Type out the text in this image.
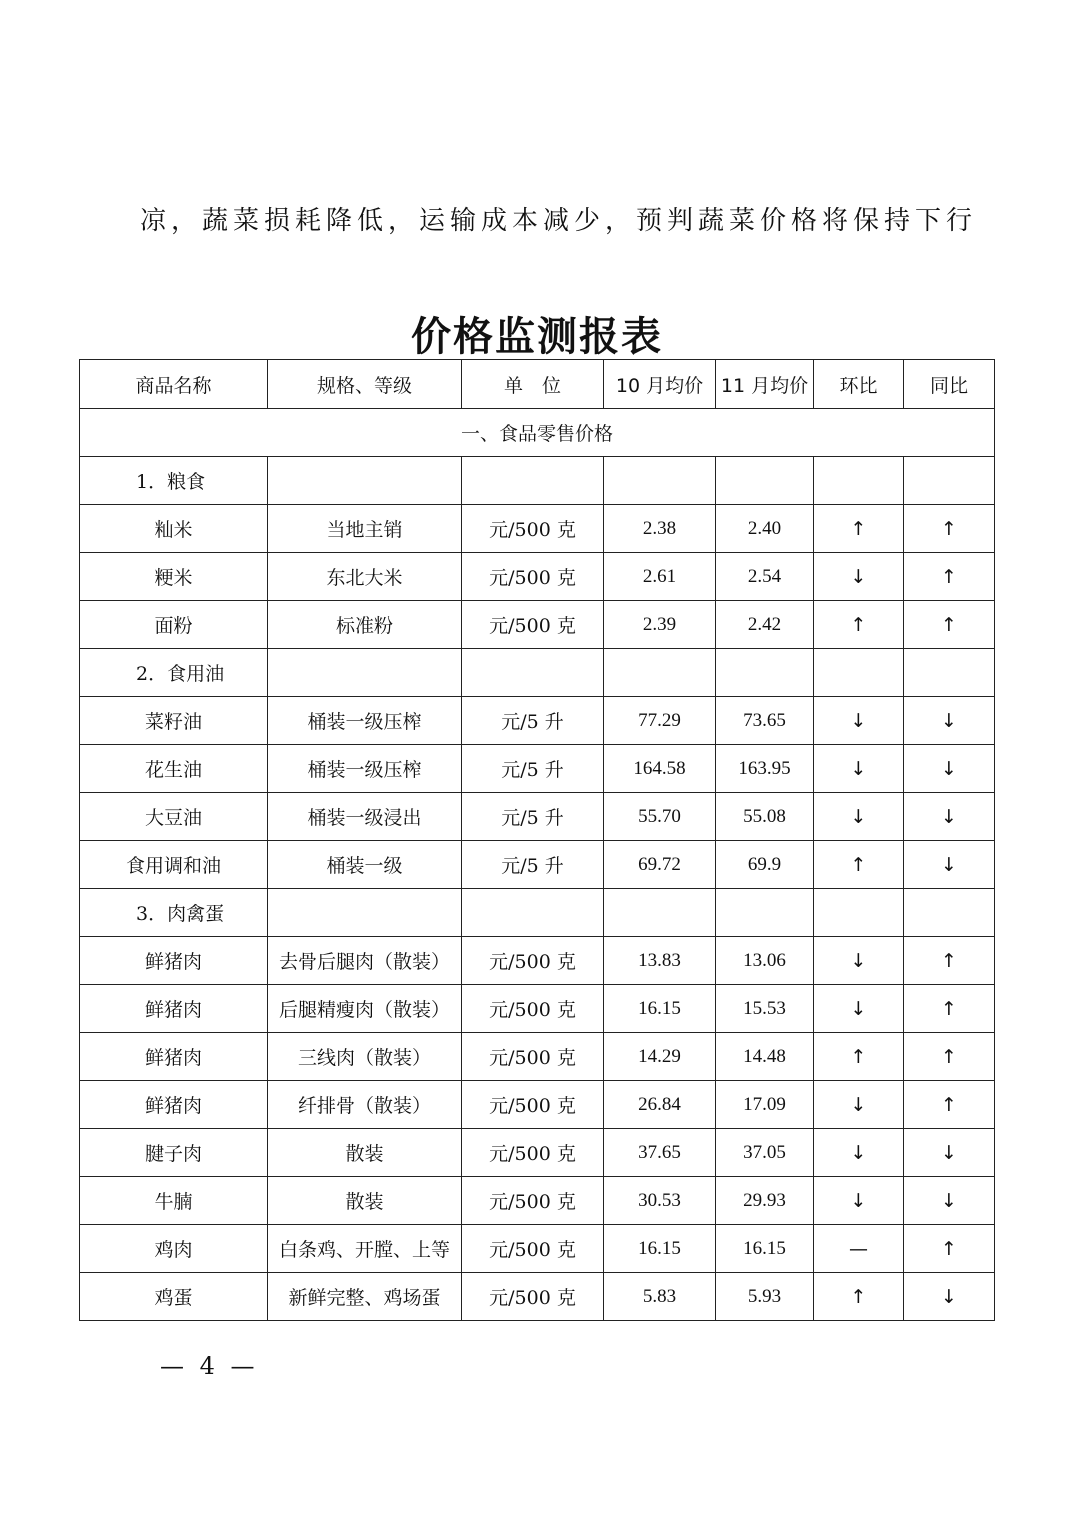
凉，蔬菜损耗降低，运输成本减少，预判蔬菜价格将保持下行
价格监测报表
商品名称	规格、等级	单　位	10 月均价	11 月均价	环比	同比
一、食品零售价格						
1．粮食						
籼米	当地主销	元/500 克	2.38	2.40	↑	↑
粳米	东北大米	元/500 克	2.61	2.54	↓	↑
面粉	标准粉	元/500 克	2.39	2.42	↑	↑
2．食用油						
菜籽油	桶装一级压榨	元/5 升	77.29	73.65	↓	↓
花生油	桶装一级压榨	元/5 升	164.58	163.95	↓	↓
大豆油	桶装一级浸出	元/5 升	55.70	55.08	↓	↓
食用调和油	桶装一级	元/5 升	69.72	69.9	↑	↓
3．肉禽蛋						
鲜猪肉	去骨后腿肉（散装）	元/500 克	13.83	13.06	↓	↑
鲜猪肉	后腿精瘦肉（散装）	元/500 克	16.15	15.53	↓	↑
鲜猪肉	三线肉（散装）	元/500 克	14.29	14.48	↑	↑
鲜猪肉	纤排骨（散装）	元/500 克	26.84	17.09	↓	↑
腱子肉	散装	元/500 克	37.65	37.05	↓	↓
牛腩	散装	元/500 克	30.53	29.93	↓	↓
鸡肉	白条鸡、开膛、上等	元/500 克	16.15	16.15	—	↑
鸡蛋	新鲜完整、鸡场蛋	元/500 克	5.83	5.93	↑	↓
— 4 —
